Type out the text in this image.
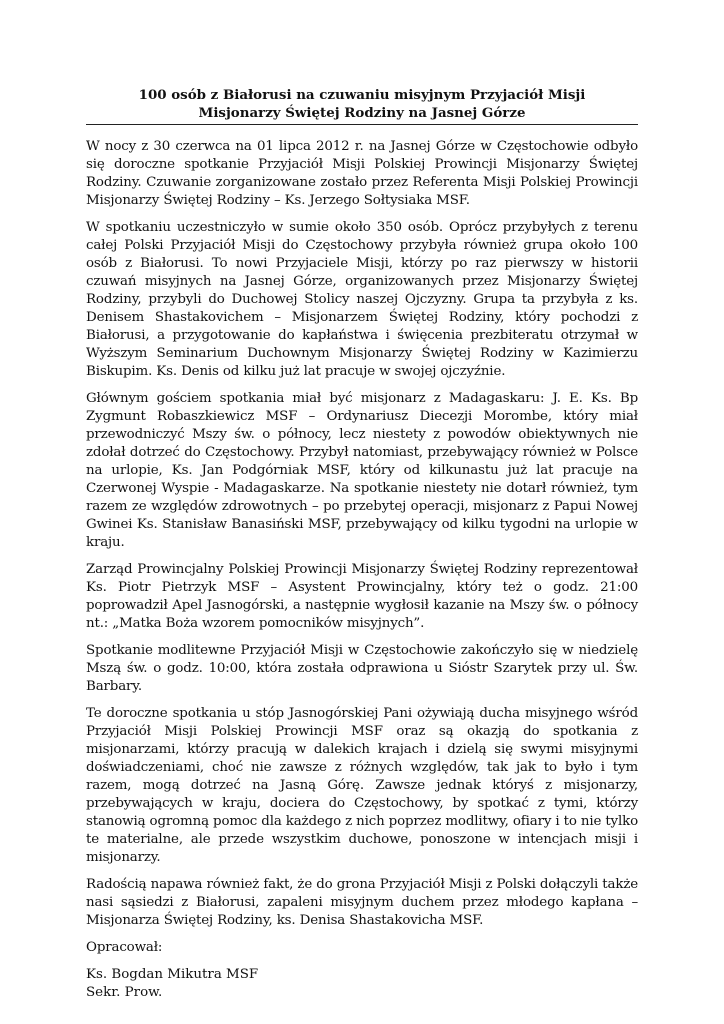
100 osób z Białorusi na czuwaniu misyjnym Przyjaciół Misji
Misjonarzy Świętej Rodziny na Jasnej Górze

W nocy z 30 czerwca na 01 lipca 2012 r. na Jasnej Górze w Częstochowie odbyło się doroczne spotkanie Przyjaciół Misji Polskiej Prowincji Misjonarzy Świętej Rodziny. Czuwanie zorganizowane zostało przez Referenta Misji Polskiej Prowincji Misjonarzy Świętej Rodziny – Ks. Jerzego Sołtysiaka MSF.

W spotkaniu uczestniczyło w sumie około 350 osób. Oprócz przybyłych z terenu całej Polski Przyjaciół Misji do Częstochowy przybyła również grupa około 100 osób z Białorusi. To nowi Przyjaciele Misji, którzy po raz pierwszy w historii czuwań misyjnych na Jasnej Górze, organizowanych przez Misjonarzy Świętej Rodziny, przybyli do Duchowej Stolicy naszej Ojczyzny. Grupa ta przybyła z ks. Denisem Shastakovichem – Misjonarzem Świętej Rodziny, który pochodzi z Białorusi, a przygotowanie do kapłaństwa i święcenia prezbiteratu otrzymał w Wyższym Seminarium Duchownym Misjonarzy Świętej Rodziny w Kazimierzu Biskupim. Ks. Denis od kilku już lat pracuje w swojej ojczyźnie.

Głównym gościem spotkania miał być misjonarz z Madagaskaru: J. E. Ks. Bp Zygmunt Robaszkiewicz MSF – Ordynariusz Diecezji Morombe, który miał przewodniczyć Mszy św. o północy, lecz niestety z powodów obiektywnych nie zdołał dotrzeć do Częstochowy. Przybył natomiast, przebywający również w Polsce na urlopie, Ks. Jan Podgórniak MSF, który od kilkunastu już lat pracuje na Czerwonej Wyspie - Madagaskarze. Na spotkanie niestety nie dotarł również, tym razem ze względów zdrowotnych – po przebytej operacji, misjonarz z Papui Nowej Gwinei Ks. Stanisław Banasiński MSF, przebywający od kilku tygodni na urlopie w kraju.

Zarząd Prowincjalny Polskiej Prowincji Misjonarzy Świętej Rodziny reprezentował Ks. Piotr Pietrzyk MSF – Asystent Prowincjalny, który też o godz. 21:00 poprowadził Apel Jasnogórski, a następnie wygłosił kazanie na Mszy św. o północy nt.: „Matka Boża wzorem pomocników misyjnych”.

Spotkanie modlitewne Przyjaciół Misji w Częstochowie zakończyło się w niedzielę Mszą św. o godz. 10:00, która została odprawiona u Sióstr Szarytek przy ul. Św. Barbary.

Te doroczne spotkania u stóp Jasnogórskiej Pani ożywiają ducha misyjnego wśród Przyjaciół Misji Polskiej Prowincji MSF oraz są okazją do spotkania z misjonarzami, którzy pracują w dalekich krajach i dzielą się swymi misyjnymi doświadczeniami, choć nie zawsze z różnych względów, tak jak to było i tym razem, mogą dotrzeć na Jasną Górę. Zawsze jednak któryś z misjonarzy, przebywających w kraju, dociera do Częstochowy, by spotkać z tymi, którzy stanowią ogromną pomoc dla każdego z nich poprzez modlitwy, ofiary i to nie tylko te materialne, ale przede wszystkim duchowe, ponoszone w intencjach misji i misjonarzy.

Radością napawa również fakt, że do grona Przyjaciół Misji z Polski dołączyli także nasi sąsiedzi z Białorusi, zapaleni misyjnym duchem przez młodego kapłana – Misjonarza Świętej Rodziny, ks. Denisa Shastakovicha MSF.

Opracował:

Ks. Bogdan Mikutra MSF

Sekr. Prow.
